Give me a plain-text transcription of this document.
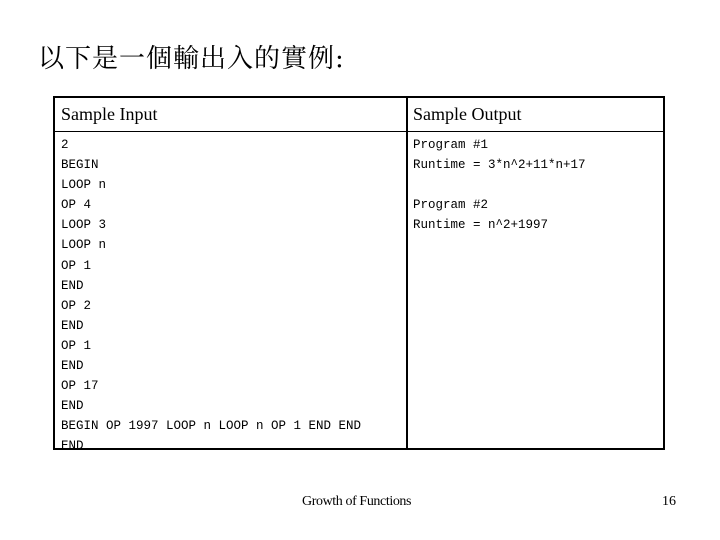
以下是一個輸出入的實例:
Sample Input	Sample Output
2
BEGIN
LOOP n
OP 4
LOOP 3
LOOP n
OP 1
END
OP 2
END
OP 1
END
OP 17
END
BEGIN OP 1997 LOOP n LOOP n OP 1 END END
END
Program #1
Runtime = 3*n^2+11*n+17
Program #2
Runtime = n^2+1997
Growth of Functions	16
